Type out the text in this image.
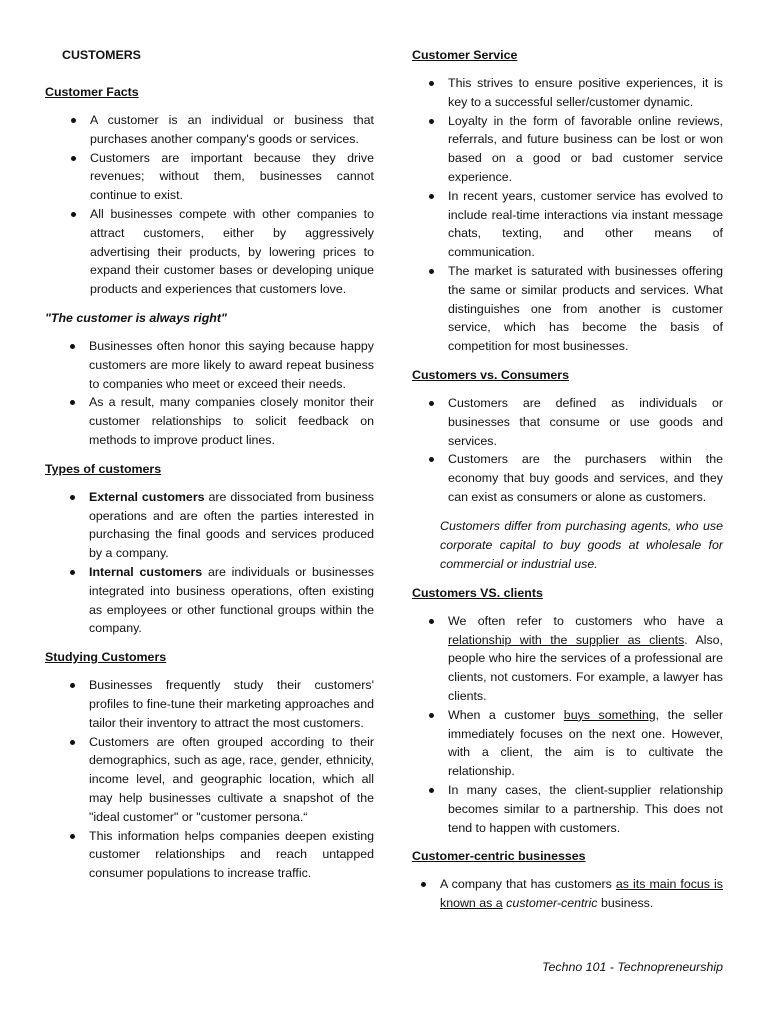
CUSTOMERS
Customer Facts
A customer is an individual or business that purchases another company's goods or services.
Customers are important because they drive revenues; without them, businesses cannot continue to exist.
All businesses compete with other companies to attract customers, either by aggressively advertising their products, by lowering prices to expand their customer bases or developing unique products and experiences that customers love.
"The customer is always right"
Businesses often honor this saying because happy customers are more likely to award repeat business to companies who meet or exceed their needs.
As a result, many companies closely monitor their customer relationships to solicit feedback on methods to improve product lines.
Types of customers
External customers are dissociated from business operations and are often the parties interested in purchasing the final goods and services produced by a company.
Internal customers are individuals or businesses integrated into business operations, often existing as employees or other functional groups within the company.
Studying Customers
Businesses frequently study their customers' profiles to fine-tune their marketing approaches and tailor their inventory to attract the most customers.
Customers are often grouped according to their demographics, such as age, race, gender, ethnicity, income level, and geographic location, which all may help businesses cultivate a snapshot of the "ideal customer" or "customer persona.“
This information helps companies deepen existing customer relationships and reach untapped consumer populations to increase traffic.
Customer Service
This strives to ensure positive experiences, it is key to a successful seller/customer dynamic.
Loyalty in the form of favorable online reviews, referrals, and future business can be lost or won based on a good or bad customer service experience.
In recent years, customer service has evolved to include real-time interactions via instant message chats, texting, and other means of communication.
The market is saturated with businesses offering the same or similar products and services. What distinguishes one from another is customer service, which has become the basis of competition for most businesses.
Customers vs. Consumers
Customers are defined as individuals or businesses that consume or use goods and services.
Customers are the purchasers within the economy that buy goods and services, and they can exist as consumers or alone as customers.

Customers differ from purchasing agents, who use corporate capital to buy goods at wholesale for commercial or industrial use.

Customers VS. clients
We often refer to customers who have a relationship with the supplier as clients. Also, people who hire the services of a professional are clients, not customers. For example, a lawyer has clients.
When a customer buys something, the seller immediately focuses on the next one. However, with a client, the aim is to cultivate the relationship.
In many cases, the client-supplier relationship becomes similar to a partnership. This does not tend to happen with customers.
Customer-centric businesses
A company that has customers as its main focus is known as a customer-centric business.
Techno 101 - Technopreneurship
